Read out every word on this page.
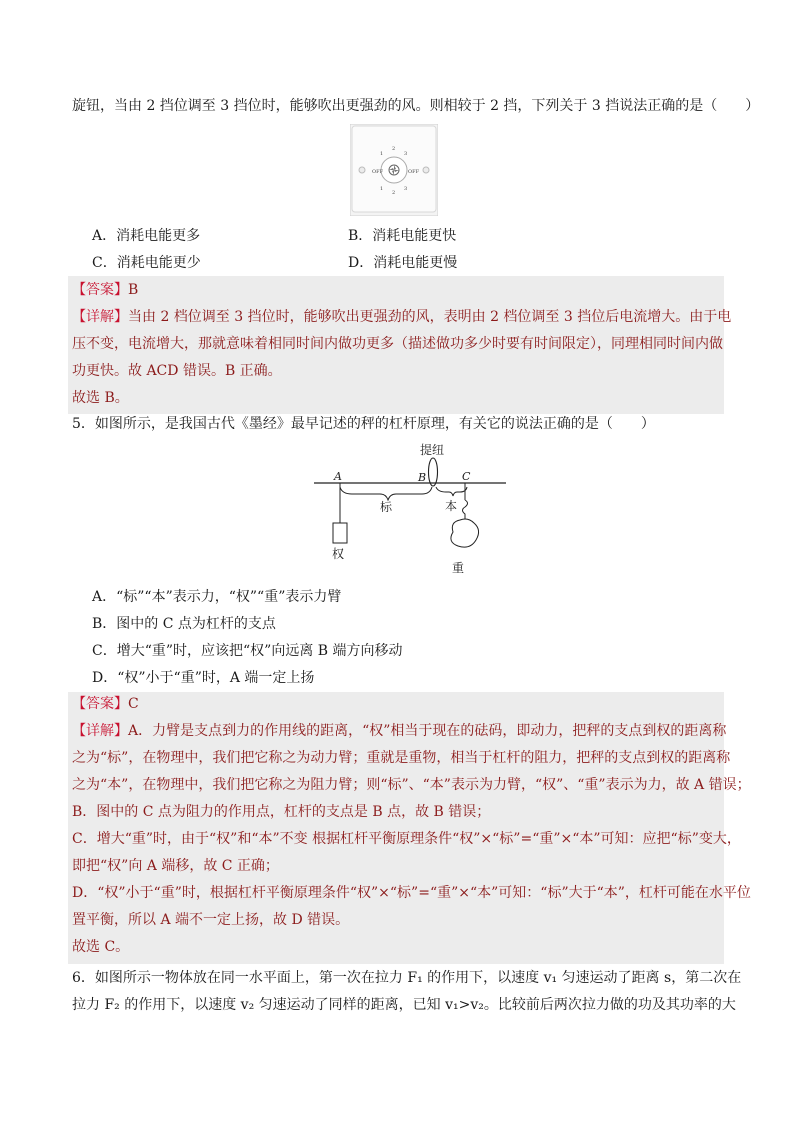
旋钮，当由 2 挡位调至 3 挡位时，能够吹出更强劲的风。则相较于 2 挡，下列关于 3 挡说法正确的是（　　）
OFF	OFF
2
1	3
1
2
3
A．消耗电能更多	B．消耗电能更快
C．消耗电能更少	D．消耗电能更慢
【答案】B
【详解】当由 2 档位调至 3 挡位时，能够吹出更强劲的风，表明由 2 档位调至 3 挡位后电流增大。由于电
压不变，电流增大，那就意味着相同时间内做功更多（描述做功多少时要有时间限定），同理相同时间内做
功更快。故 ACD 错误。B 正确。
故选 B。
5．如图所示，是我国古代《墨经》最早记述的秤的杠杆原理，有关它的说法正确的是（　　）
提纽
A	B	C
标	本
权
重
A．“标”“本”表示力，“权”“重”表示力臂
B．图中的 C 点为杠杆的支点
C．增大“重”时，应该把“权”向远离 B 端方向移动
D．“权”小于“重”时，A 端一定上扬
【答案】C
【详解】A．力臂是支点到力的作用线的距离，“权”相当于现在的砝码，即动力，把秤的支点到权的距离称
之为“标”，在物理中，我们把它称之为动力臂；重就是重物，相当于杠杆的阻力，把秤的支点到权的距离称
之为“本”，在物理中，我们把它称之为阻力臂；则“标”、“本”表示为力臂，“权”、“重”表示为力，故 A 错误；
B．图中的 C 点为阻力的作用点，杠杆的支点是 B 点，故 B 错误；
C．增大“重”时，由于“权”和“本”不变 根据杠杆平衡原理条件“权”×“标”=“重”×“本”可知：应把“标”变大，
即把“权”向 A 端移，故 C 正确；
D．“权”小于“重”时，根据杠杆平衡原理条件“权”×“标”=“重”×“本”可知：“标”大于“本”，杠杆可能在水平位
置平衡，所以 A 端不一定上扬，故 D 错误。
故选 C。
6．如图所示一物体放在同一水平面上，第一次在拉力 F₁ 的作用下，以速度 v₁ 匀速运动了距离 s，第二次在
拉力 F₂ 的作用下，以速度 v₂ 匀速运动了同样的距离，已知 v₁>v₂。比较前后两次拉力做的功及其功率的大
